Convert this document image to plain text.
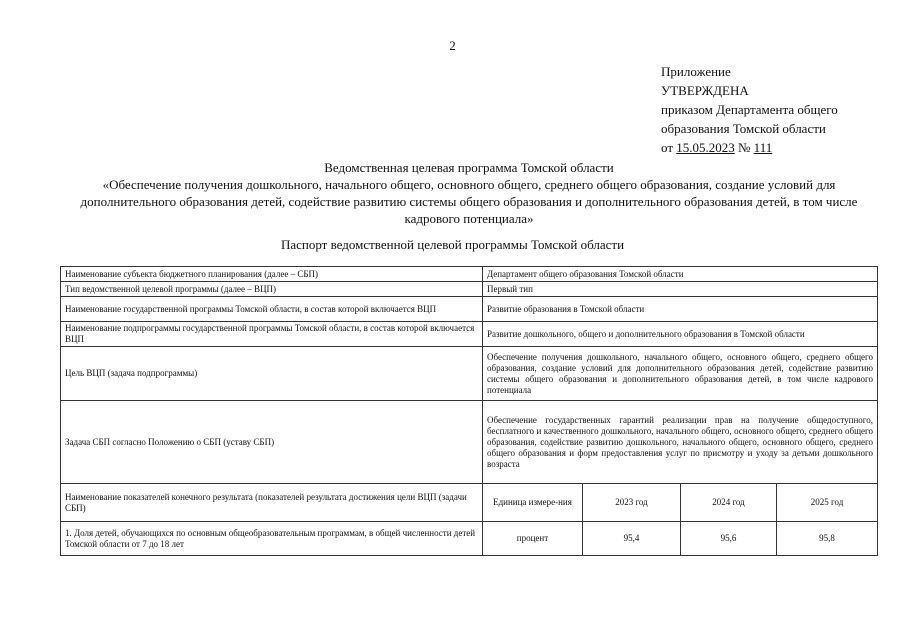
2
Приложение
УТВЕРЖДЕНА
приказом Департамента общего
образования Томской области
от 15.05.2023 № 111
Ведомственная целевая программа Томской области
«Обеспечение получения дошкольного, начального общего, основного общего, среднего общего образования, создание условий для дополнительного образования детей, содействие развитию системы общего образования и дополнительного образования детей, в том числе кадрового потенциала»
Паспорт ведомственной целевой программы Томской области
Наименование субъекта бюджетного планирования (далее – СБП)	Департамент общего образования Томской области			
Тип ведомственной целевой программы (далее – ВЦП)	Первый тип			
Наименование государственной программы Томской области, в состав которой включается ВЦП	Развитие образования в Томской области			
Наименование подпрограммы государственной программы Томской области, в состав которой включается ВЦП	Развитие дошкольного, общего и дополнительного образования в Томской области			
Цель ВЦП (задача подпрограммы)	Обеспечение получения дошкольного, начального общего, основного общего, среднего общего образования, создание условий для дополнительного образования детей, содействие развитию системы общего образования и дополнительного образования детей, в том числе кадрового потенциала			
Задача СБП согласно Положению о СБП (уставу СБП)	Обеспечение государственных гарантий реализации прав на получение общедоступного, бесплатного и качественного дошкольного, начального общего, основного общего, среднего общего образования, содействие развитию дошкольного, начального общего, основного общего, среднего общего образования и форм предоставления услуг по присмотру и уходу за детьми дошкольного возраста			
Наименование показателей конечного результата (показателей результата достижения цели ВЦП (задачи СБП)	Единица измере-ния	2023 год	2024 год	2025 год
1. Доля детей, обучающихся по основным общеобразовательным программам, в общей численности детей Томской области от 7 до 18 лет	процент	95,4	95,6	95,8
